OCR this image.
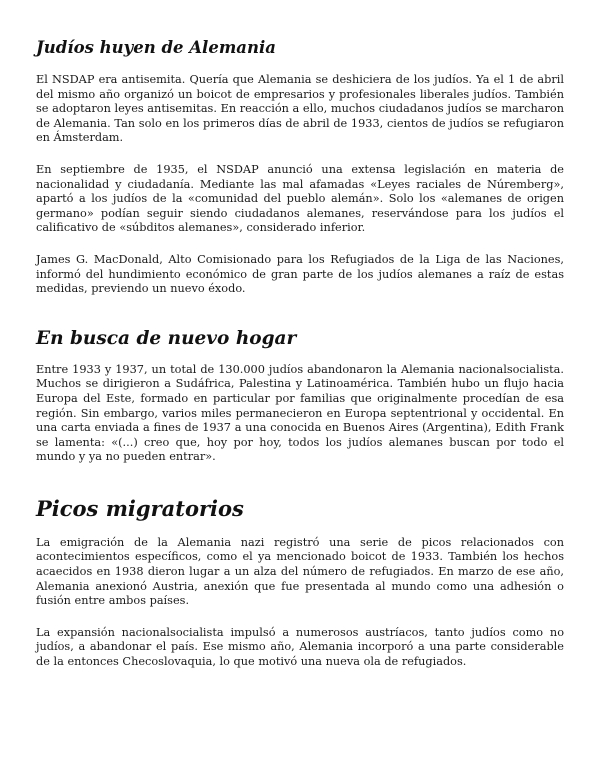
Judíos huyen de Alemania

El NSDAP era antisemita. Quería que Alemania se deshiciera de los judíos. Ya el 1 de abril del mismo año organizó un boicot de empresarios y profesionales liberales judíos. También se adoptaron leyes antisemitas. En reacción a ello, muchos ciudadanos judíos se marcharon de Alemania. Tan solo en los primeros días de abril de 1933, cientos de judíos se refugiaron en Ámsterdam.

En septiembre de 1935, el NSDAP anunció una extensa legislación en materia de nacionalidad y ciudadanía. Mediante las mal afamadas «Leyes raciales de Núremberg», apartó a los judíos de la «comunidad del pueblo alemán». Solo los «alemanes de origen germano» podían seguir siendo ciudadanos alemanes, reservándose para los judíos el calificativo de «súbditos alemanes», considerado inferior.

James G. MacDonald, Alto Comisionado para los Refugiados de la Liga de las Naciones, informó del hundimiento económico de gran parte de los judíos alemanes a raíz de estas medidas, previendo un nuevo éxodo.

En busca de nuevo hogar

Entre 1933 y 1937, un total de 130.000 judíos abandonaron la Alemania nacionalsocialista. Muchos se dirigieron a Sudáfrica, Palestina y Latinoamérica. También hubo un flujo hacia Europa del Este, formado en particular por familias que originalmente procedían de esa región. Sin embargo, varios miles permanecieron en Europa septentrional y occidental. En una carta enviada a fines de 1937 a una conocida en Buenos Aires (Argentina), Edith Frank se lamenta: «(...) creo que, hoy por hoy, todos los judíos alemanes buscan por todo el mundo y ya no pueden entrar».

Picos migratorios

La emigración de la Alemania nazi registró una serie de picos relacionados con acontecimientos específicos, como el ya mencionado boicot de 1933. También los hechos acaecidos en 1938 dieron lugar a un alza del número de refugiados. En marzo de ese año, Alemania anexionó Austria, anexión que fue presentada al mundo como una adhesión o fusión entre ambos países.

La expansión nacionalsocialista impulsó a numerosos austríacos, tanto judíos como no judíos, a abandonar el país. Ese mismo año, Alemania incorporó a una parte considerable de la entonces Checoslovaquia, lo que motivó una nueva ola de refugiados.
